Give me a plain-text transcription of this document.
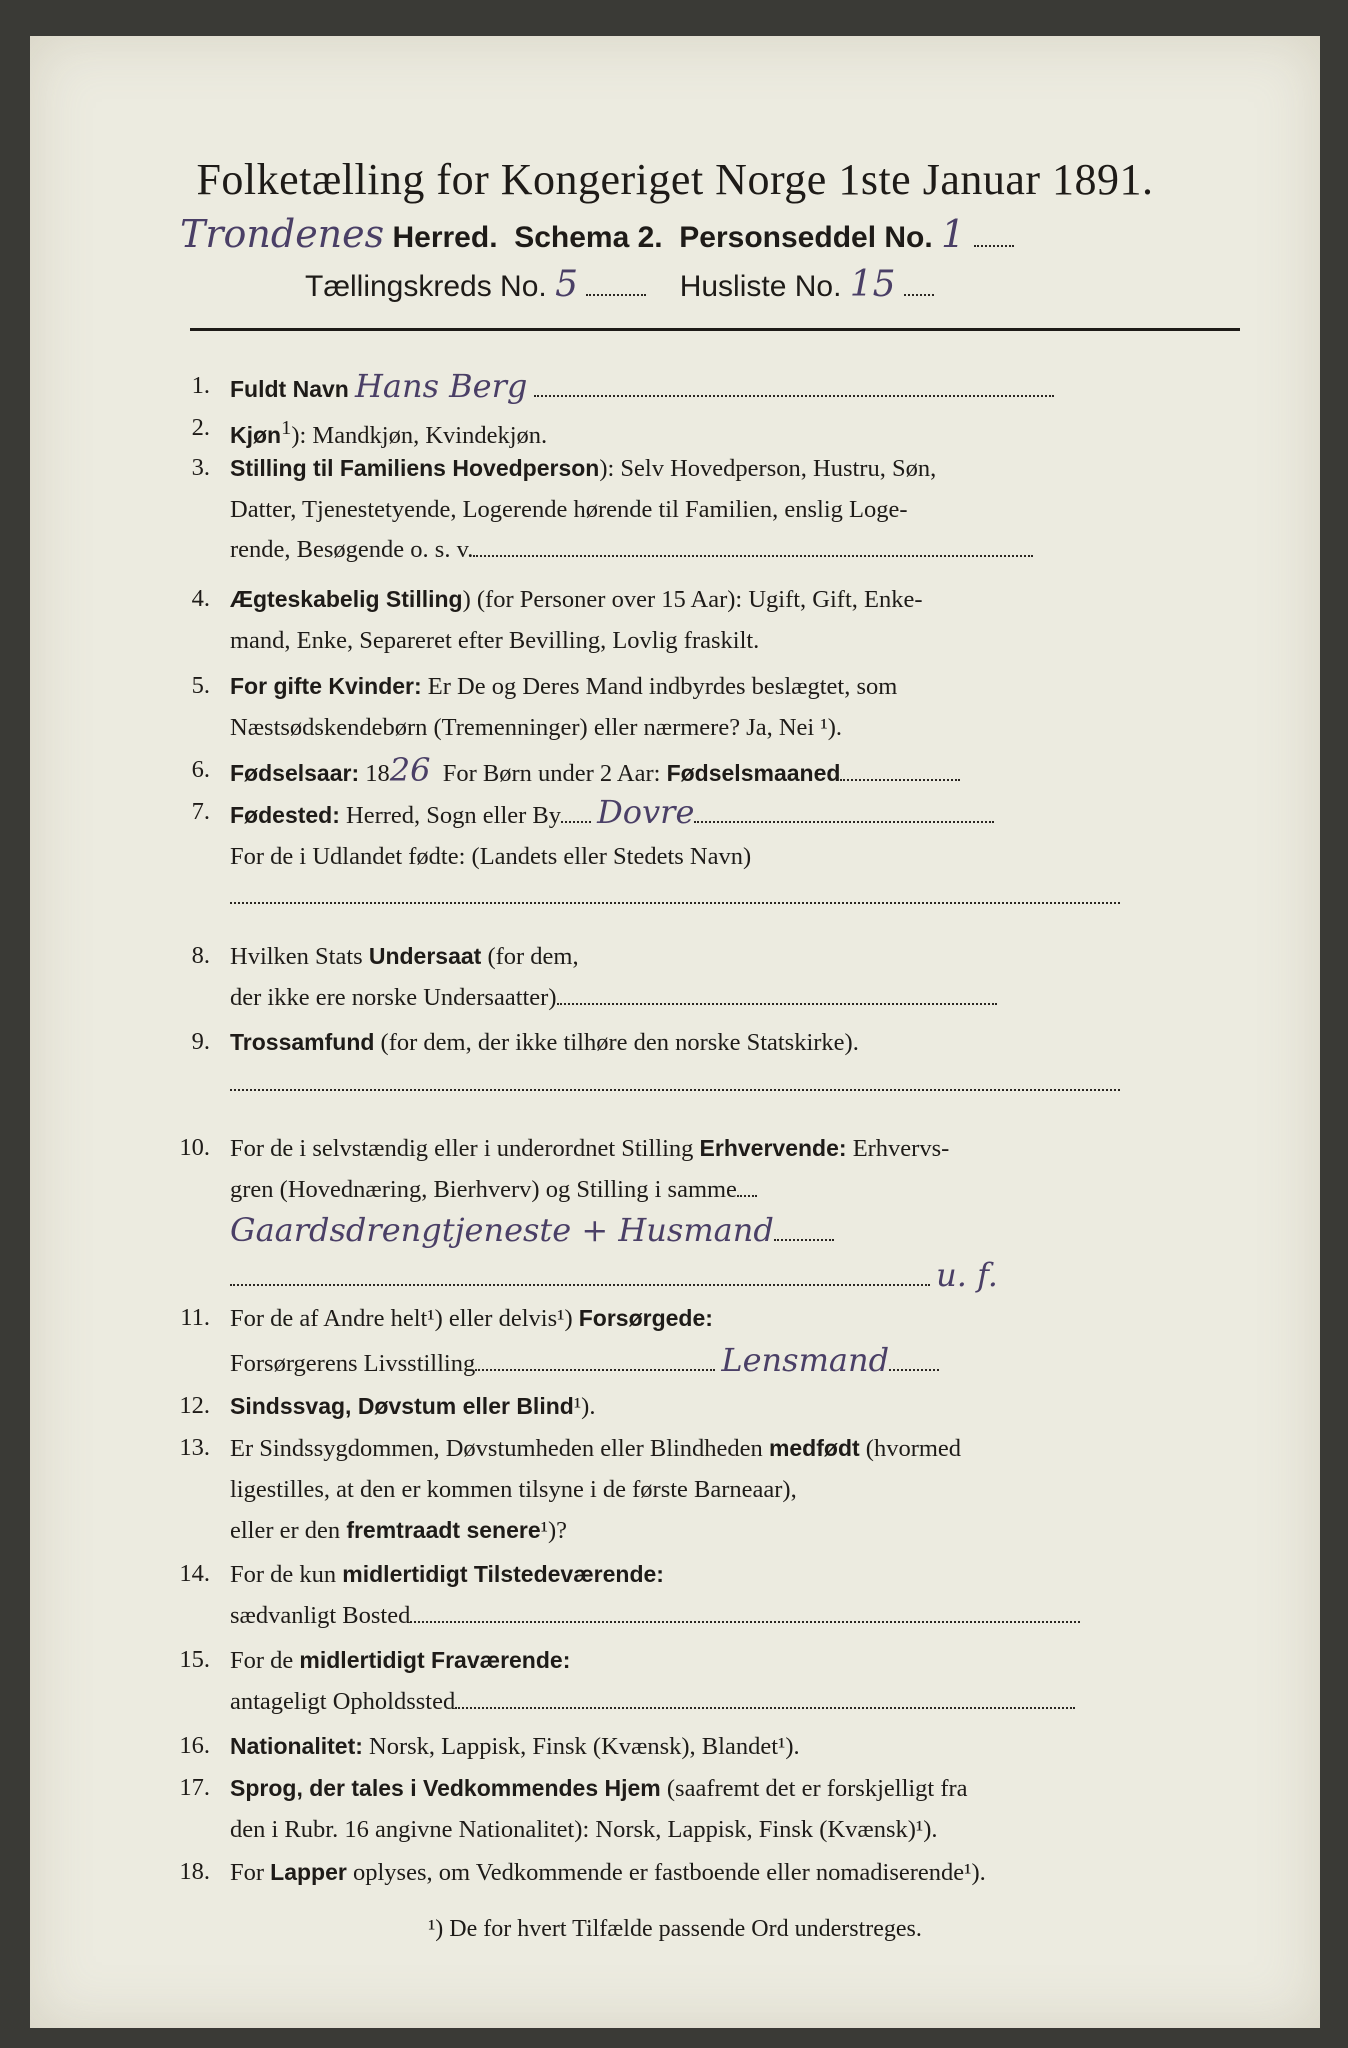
Folketælling for Kongeriget Norge 1ste Januar 1891.
Trondenes Herred. Schema 2. Personseddel No. 1
Tællingskreds No. 5	Husliste No. 15
1. Fuldt Navn Hans Berg
2. Kjøn$^1$): Mandkjøn, Kvindekjøn.
3. Stilling til Familiens Hovedperson): Selv Hovedperson, Hustru, Søn,
Datter, Tjenestetyende, Logerende hørende til Familien, enslig Loge-
rende, Besøgende o. s. v.
4. Ægteskabelig Stilling) (for Personer over 15 Aar): Ugift, Gift, Enke-
mand, Enke, Separeret efter Bevilling, Lovlig fraskilt.
5. For gifte Kvinder: Er De og Deres Mand indbyrdes beslægtet, som
Næstsødskendebørn (Tremenninger) eller nærmere? Ja, Nei ¹).
6. Fødselsaar: 1826 For Børn under 2 Aar: Fødselsmaaned
7. Fødested: Herred, Sogn eller By Dovre
For de i Udlandet fødte: (Landets eller Stedets Navn)

8. Hvilken Stats Undersaat (for dem,
der ikke ere norske Undersaatter)
9. Trossamfund (for dem, der ikke tilhøre den norske Statskirke).

10. For de i selvstændig eller i underordnet Stilling Erhvervende: Erhvervs-
gren (Hovednæring, Bierhverv) og Stilling i samme
Gaardsdrengtjeneste + Husmand
u. f.
11. For de af Andre helt¹) eller delvis¹) Forsørgede:
Forsørgerens Livsstilling	Lensmand
12. Sindssvag, Døvstum eller Blind¹).
13. Er Sindssygdommen, Døvstumheden eller Blindheden medfødt (hvormed
ligestilles, at den er kommen tilsyne i de første Barneaar),
eller er den fremtraadt senere¹)?
14. For de kun midlertidigt Tilstedeværende:
sædvanligt Bosted
15. For de midlertidigt Fraværende:
antageligt Opholdssted
16. Nationalitet: Norsk, Lappisk, Finsk (Kvænsk), Blandet¹).
17. Sprog, der tales i Vedkommendes Hjem (saafremt det er forskjelligt fra
den i Rubr. 16 angivne Nationalitet): Norsk, Lappisk, Finsk (Kvænsk)¹).
18. For Lapper oplyses, om Vedkommende er fastboende eller nomadiserende¹).
¹) De for hvert Tilfælde passende Ord understreges.
